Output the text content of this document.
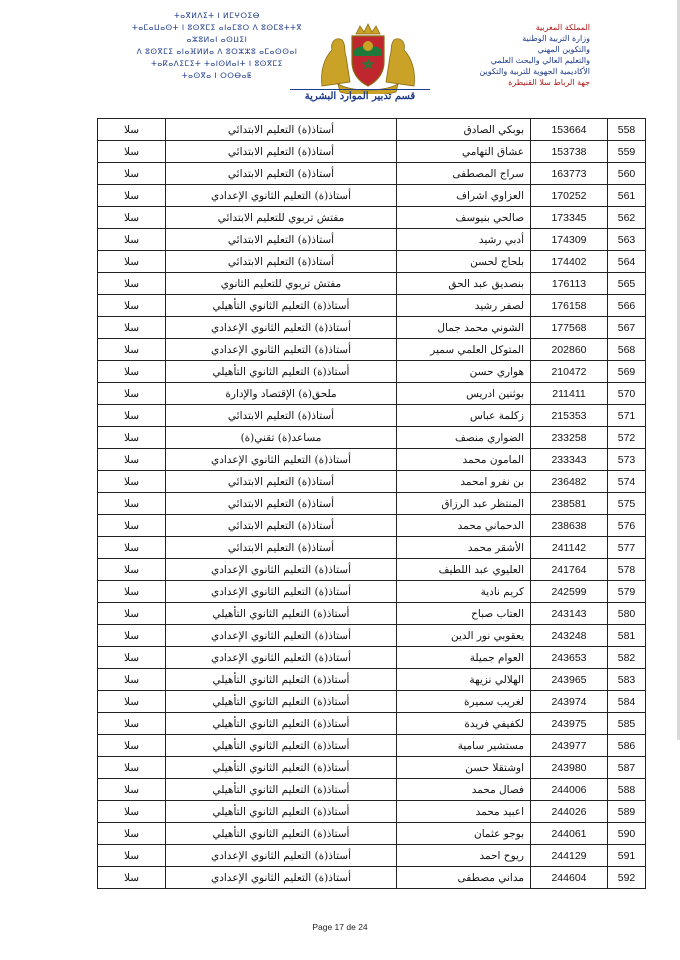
ⵜⴰⴳⵍⴷⵉⵜ ⵏ ⵍⵎⵖⵔⵉⴱ
ⵜⴰⵎⴰⵡⴰⵙⵜ ⵏ ⵓⵙⴳⵎⵉ ⴰⵏⴰⵎⵓⵔ ⴷ ⵓⵙⵎⵓⵜⵜⴳ
ⴰⵣⵓⵍⴰⵏ ⴰⵙⵡⵉⵏ
ⴷ ⵓⵙⴳⵎⵉ ⴰⵏⴰⴼⵍⵍⴰ ⴷ ⵓⵔⵣⵣⵓ ⴰⵎⴰⵙⵙⴰⵏ
ⵜⴰⴽⴰⴷⵉⵎⵉⵜ ⵜⴰⵏⵙⵍⴰⵏⵜ ⵏ ⵓⵙⴳⵎⵉ
ⵜⴰⵙⴳⴰ ⵏ ⵔⵔⴱⴰⵟ
المملكة المغربية
وزارة التربية الوطنية
والتكوين المهني
والتعليم العالي والبحث العلمي
الأكاديمية الجهوية للتربية والتكوين
جهة الرباط سلا القنيطرة
قسم تدبير الموارد البشرية
سلا	أستاذ(ة) التعليم الابتدائي	بوبكي الصادق	153664	558
سلا	أستاذ(ة) التعليم الابتدائي	عشاق التهامي	153738	559
سلا	أستاذ(ة) التعليم الابتدائي	سراج المصطفى	163773	560
سلا	أستاذ(ة) التعليم الثانوي الإعدادي	العزاوي اشراف	170252	561
سلا	مفتش تربوي للتعليم الابتدائي	صالحي بنيوسف	173345	562
سلا	أستاذ(ة) التعليم الابتدائي	أدبي رشيد	174309	563
سلا	أستاذ(ة) التعليم الابتدائي	بلحاج لحسن	174402	564
سلا	مفتش تربوي للتعليم الثانوي	بنصديق عبد الحق	176113	565
سلا	أستاذ(ة) التعليم الثانوي التأهيلي	لصفر رشيد	176158	566
سلا	أستاذ(ة) التعليم الثانوي الإعدادي	الشوني محمد جمال	177568	567
سلا	أستاذ(ة) التعليم الثانوي الإعدادي	المتوكل العلمي سمير	202860	568
سلا	أستاذ(ة) التعليم الثانوي التأهيلي	هواري حسن	210472	569
سلا	ملحق(ة) الإقتصاد والإدارة	بوثنين ادريس	211411	570
سلا	أستاذ(ة) التعليم الابتدائي	زكلمة عباس	215353	571
سلا	مساعد(ة) تقني(ة)	الضواري منصف	233258	572
سلا	أستاذ(ة) التعليم الثانوي الإعدادي	المامون محمد	233343	573
سلا	أستاذ(ة) التعليم الابتدائي	بن نفرو امحمد	236482	574
سلا	أستاذ(ة) التعليم الابتدائي	المنتظر عبد الرزاق	238581	575
سلا	أستاذ(ة) التعليم الابتدائي	الدحماني محمد	238638	576
سلا	أستاذ(ة) التعليم الابتدائي	الأشقر محمد	241142	577
سلا	أستاذ(ة) التعليم الثانوي الإعدادي	العليوي عبد اللطيف	241764	578
سلا	أستاذ(ة) التعليم الثانوي الإعدادي	كريم نادية	242599	579
سلا	أستاذ(ة) التعليم الثانوي التأهيلي	العتاب صباح	243143	580
سلا	أستاذ(ة) التعليم الثانوي الإعدادي	يعقوبي نور الدين	243248	581
سلا	أستاذ(ة) التعليم الثانوي الإعدادي	العوام جميلة	243653	582
سلا	أستاذ(ة) التعليم الثانوي التأهيلي	الهلالي نزيهة	243965	583
سلا	أستاذ(ة) التعليم الثانوي التأهيلي	لغريب سميرة	243974	584
سلا	أستاذ(ة) التعليم الثانوي التأهيلي	لكفيفي فريدة	243975	585
سلا	أستاذ(ة) التعليم الثانوي التأهيلي	مستشير سامية	243977	586
سلا	أستاذ(ة) التعليم الثانوي التأهيلي	اوشتقلا حسن	243980	587
سلا	أستاذ(ة) التعليم الثانوي التأهيلي	فصال محمد	244006	588
سلا	أستاذ(ة) التعليم الثانوي التأهيلي	اعبيد محمد	244026	589
سلا	أستاذ(ة) التعليم الثانوي التأهيلي	بوجو عثمان	244061	590
سلا	أستاذ(ة) التعليم الثانوي الإعدادي	ريوح احمد	244129	591
سلا	أستاذ(ة) التعليم الثانوي الإعدادي	مداني مصطفى	244604	592
Page 17 de 24
